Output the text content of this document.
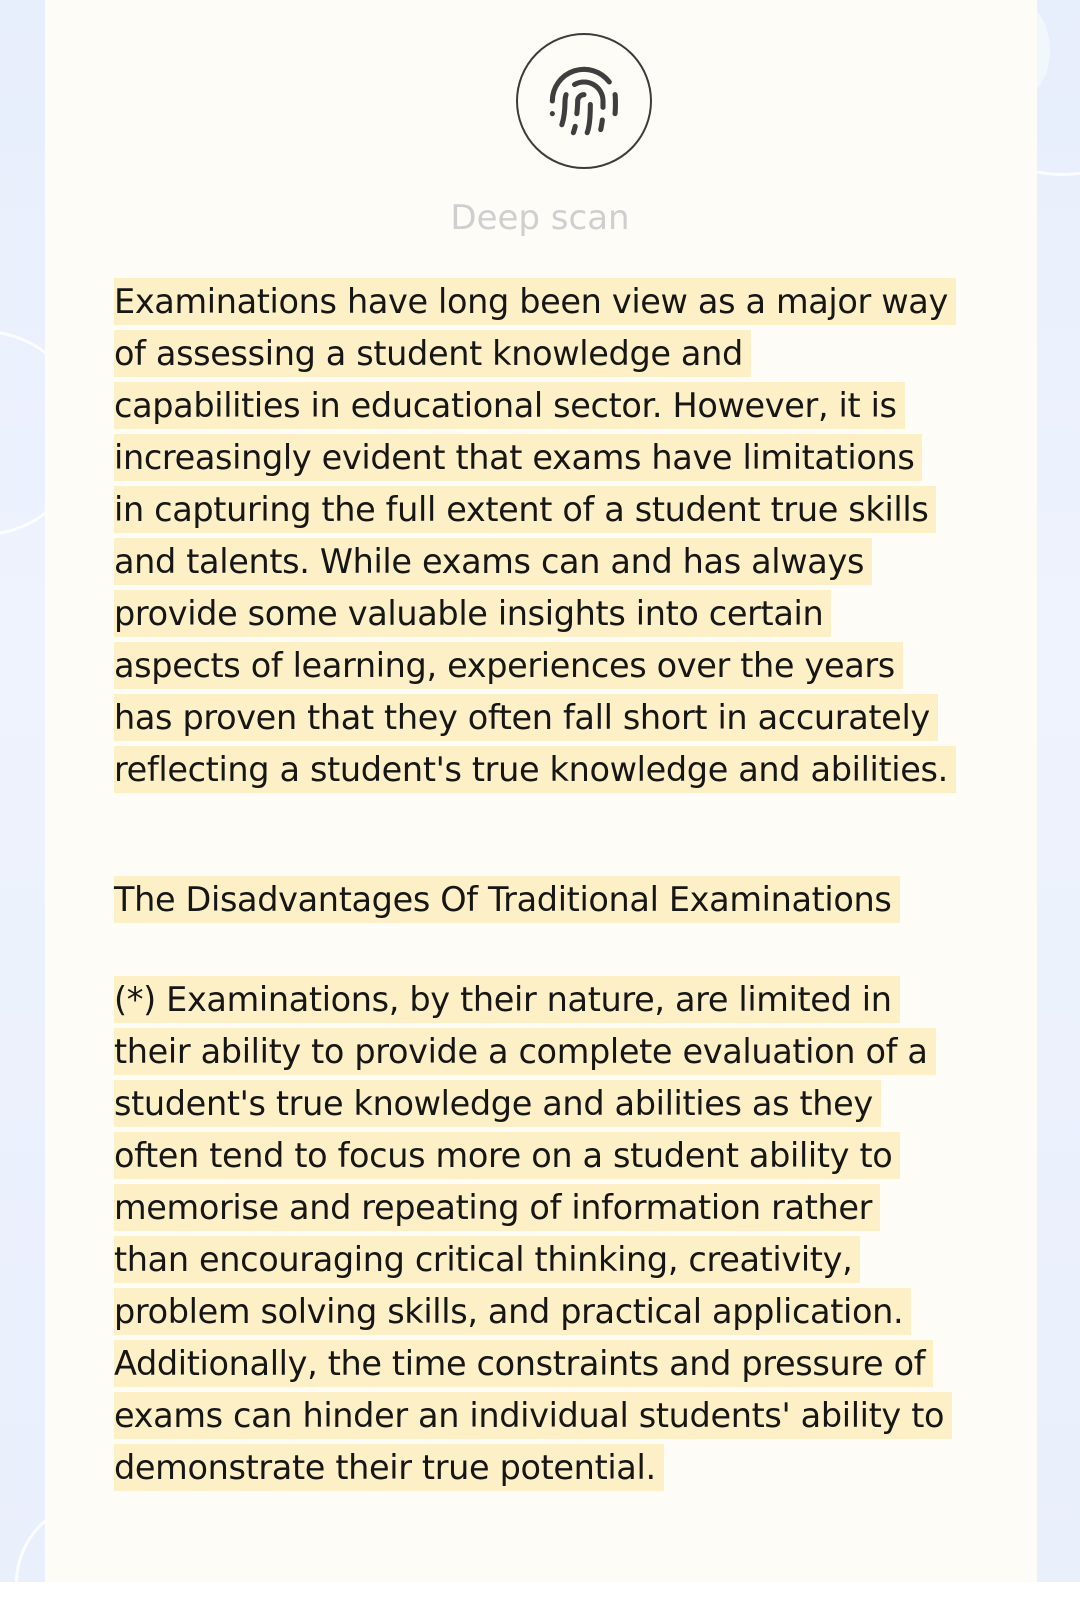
Deep scan
Examinations have long been view as a major way
of assessing a student knowledge and
capabilities in educational sector. However, it is
increasingly evident that exams have limitations
in capturing the full extent of a student true skills
and talents. While exams can and has always
provide some valuable insights into certain
aspects of learning, experiences over the years
has proven that they often fall short in accurately
reflecting a student's true knowledge and abilities.
The Disadvantages Of Traditional Examinations
(*) Examinations, by their nature, are limited in
their ability to provide a complete evaluation of a
student's true knowledge and abilities as they
often tend to focus more on a student ability to
memorise and repeating of information rather
than encouraging critical thinking, creativity,
problem solving skills, and practical application.
Additionally, the time constraints and pressure of
exams can hinder an individual students' ability to
demonstrate their true potential.
